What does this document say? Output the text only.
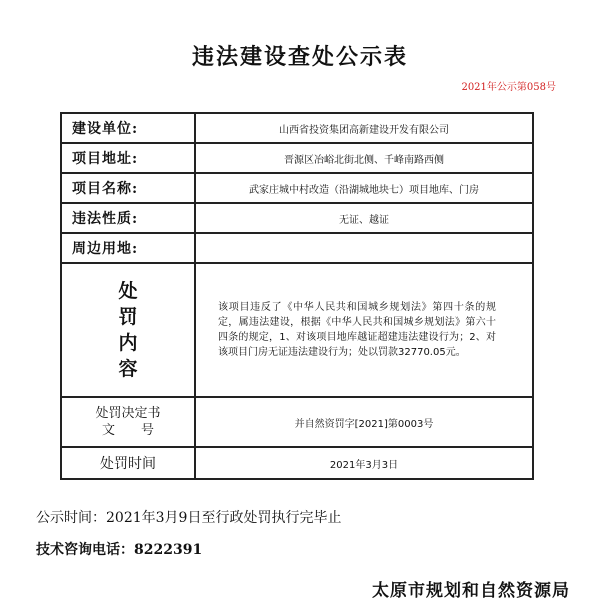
违法建设查处公示表
2021年公示第058号
建设单位:	山西省投资集团高新建设开发有限公司
项目地址:	晋源区冶峪北街北侧、千峰南路西侧
项目名称:	武家庄城中村改造（沿湖城地块七）项目地库、门房
违法性质:	无证、越证
周边用地:	

处
罚
内
容	该项目违反了《中华人民共和国城乡规划法》第四十条的规定，属违法建设，根据《中华人民共和国城乡规划法》第六十四条的规定，1、对该项目地库越证超建违法建设行为；2、对该项目门房无证违法建设行为；处以罚款32770.05元。

处罚决定书
文　　号	并自然资罚字[2021]第0003号
处罚时间	2021年3月3日
公示时间：2021年3月9日至行政处罚执行完毕止
技术咨询电话：8222391
太原市规划和自然资源局
